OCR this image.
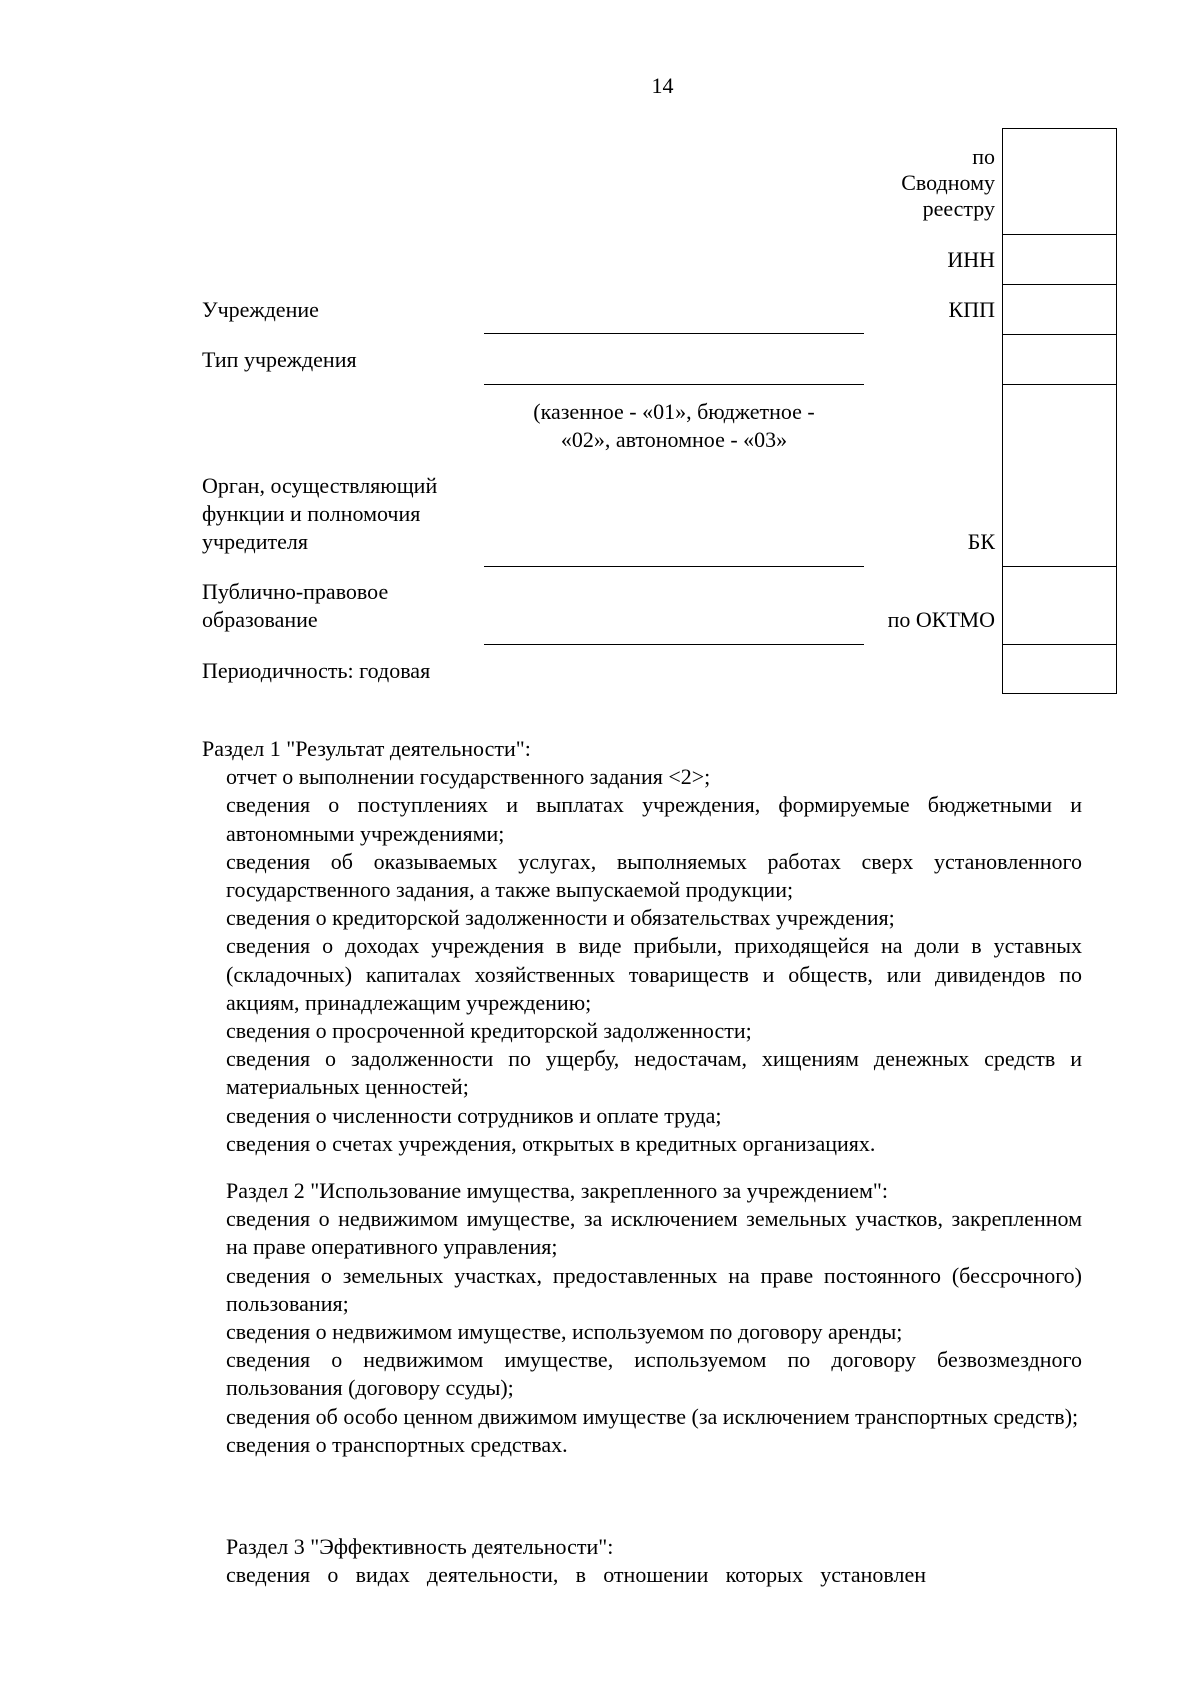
14
по
Сводному
реестру
ИНН
КПП
БК
по ОКТМО
Учреждение
Тип учреждения
Орган, осуществляющий
функции и полномочия
учредителя
Публично-правовое
образование
Периодичность: годовая
(казенное - «01», бюджетное -
«02», автономное - «03»

Раздел 1 "Результат деятельности":

отчет о выполнении государственного задания <2>;

сведения о поступлениях и выплатах учреждения, формируемые бюджетными и автономными учреждениями;

сведения об оказываемых услугах, выполняемых работах сверх установленного государственного задания, а также выпускаемой продукции;

сведения о кредиторской задолженности и обязательствах учреждения;

сведения о доходах учреждения в виде прибыли, приходящейся на доли в уставных (складочных) капиталах хозяйственных товариществ и обществ, или дивидендов по акциям, принадлежащим учреждению;

сведения о просроченной кредиторской задолженности;

сведения о задолженности по ущербу, недостачам, хищениям денежных средств и материальных ценностей;

сведения о численности сотрудников и оплате труда;

сведения о счетах учреждения, открытых в кредитных организациях.

Раздел 2 "Использование имущества, закрепленного за учреждением":

сведения о недвижимом имуществе, за исключением земельных участков, закрепленном на праве оперативного управления;

сведения о земельных участках, предоставленных на праве постоянного (бессрочного) пользования;

сведения о недвижимом имуществе, используемом по договору аренды;

сведения о недвижимом имуществе, используемом по договору безвозмездного пользования (договору ссуды);

сведения об особо ценном движимом имуществе (за исключением транспортных средств);

сведения о транспортных средствах.

Раздел 3 "Эффективность деятельности":

сведения о видах деятельности, в отношении которых установлен
